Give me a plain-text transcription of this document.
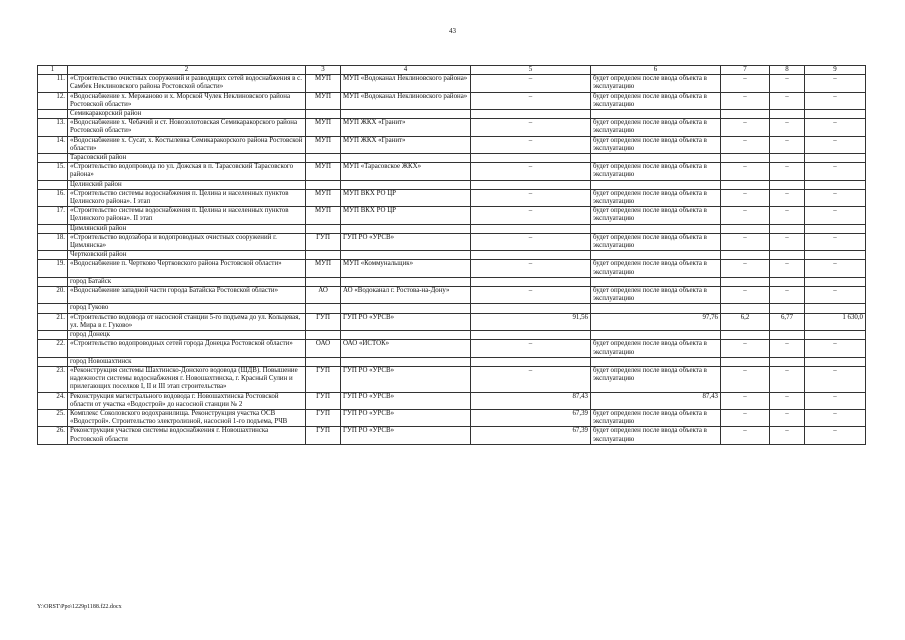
43
1	2	3	4	5	6	7	8	9
11.	«Строительство очистных сооружений и разводящих сетей водоснабжения в с. Самбек Неклиновского района Ростовской области»	МУП	МУП «Водоканал Неклиновского района»	–	будет определен после ввода объекта в эксплуатацию	–	–	–
12.	«Водоснабжение х. Мержаново и х. Морской Чулек Неклиновского района Ростовской области»	МУП	МУП «Водоканал Неклиновского района»	–	будет определен после ввода объекта в эксплуатацию	–	–	–
	Семикаракорский район							
13.	«Водоснабжение х. Чебачий и ст. Новозолотовская Семикаракорского района Ростовской области»	МУП	МУП ЖКХ «Гранит»	–	будет определен после ввода объекта в эксплуатацию	–	–	–
14.	«Водоснабжение х. Сусат, х. Костылевка Семикаракорского района Ростовской области»	МУП	МУП ЖКХ «Гранит»	–	будет определен после ввода объекта в эксплуатацию	–	–	–
	Тарасовский район							
15.	«Строительство водопровода по ул. Дожская в п. Тарасовский Тарасовского района»	МУП	МУП «Тарасовское ЖКХ»	–	будет определен после ввода объекта в эксплуатацию	–	–	–
	Целинский район							
16.	«Строительство системы водоснабжения п. Целина и населенных пунктов Целинского района». I этап	МУП	МУП ВКХ РО ЦР	–	будет определен после ввода объекта в эксплуатацию	–	–	–
17.	«Строительство системы водоснабжения п. Целина и населенных пунктов Целинского района». II этап	МУП	МУП ВКХ РО ЦР	–	будет определен после ввода объекта в эксплуатацию	–	–	–
	Цимлянский район							
18.	«Строительство водозабора и водопроводных очистных сооружений г. Цимлянска»	ГУП	ГУП РО «УРСВ»	–	будет определен после ввода объекта в эксплуатацию	–	–	–
	Чертковский район							
19.	«Водоснабжение п. Чертково Чертковского района Ростовской области»	МУП	МУП «Коммунальщик»	–	будет определен после ввода объекта в эксплуатацию	–	–	–
	город Батайск							
20.	«Водоснабжение западной части города Батайска Ростовской области»	АО	АО «Водоканал г. Ростова-на-Дону»	–	будет определен после ввода объекта в эксплуатацию	–	–	–
	город Гуково							
21.	«Строительство водовода от насосной станции 5-го подъема до ул. Кольцевая, ул. Мира в г. Гуково»	ГУП	ГУП РО «УРСВ»	91,56	97,76	6,2	6,77	1 630,0
	город Донецк							
22.	«Строительство водопроводных сетей города Донецка Ростовской области»	ОАО	ОАО «ИСТОК»	–	будет определен после ввода объекта в эксплуатацию	–	–	–
	город Новошахтинск							
23.	«Реконструкция системы Шахтинско-Донского водовода (ШДВ). Повышение надежности системы водоснабжения г. Новошахтинска, г. Красный Сулин и прилегающих поселков I, II и III этап строительства»	ГУП	ГУП РО «УРСВ»	–	будет определен после ввода объекта в эксплуатацию	–	–	–
24.	Реконструкция магистрального водовода г. Новошахтинска Ростовской области от участка «Водострой» до насосной станции № 2	ГУП	ГУП РО «УРСВ»	87,43	87,43	–	–	–
25.	Комплекс Соколовского водохранилища. Реконструкция участка ОСВ «Водострой». Строительство электролизной, насосной 1-го подъема, РЧВ	ГУП	ГУП РО «УРСВ»	67,39	будет определен после ввода объекта в эксплуатацию	–	–	–
26.	Реконструкция участков системы водоснабжения г. Новошахтинска Ростовской области	ГУП	ГУП РО «УРСВ»	67,39	будет определен после ввода объекта в эксплуатацию	–	–	–
Y:\ORST\Ppo\1229p1188.f22.docx
